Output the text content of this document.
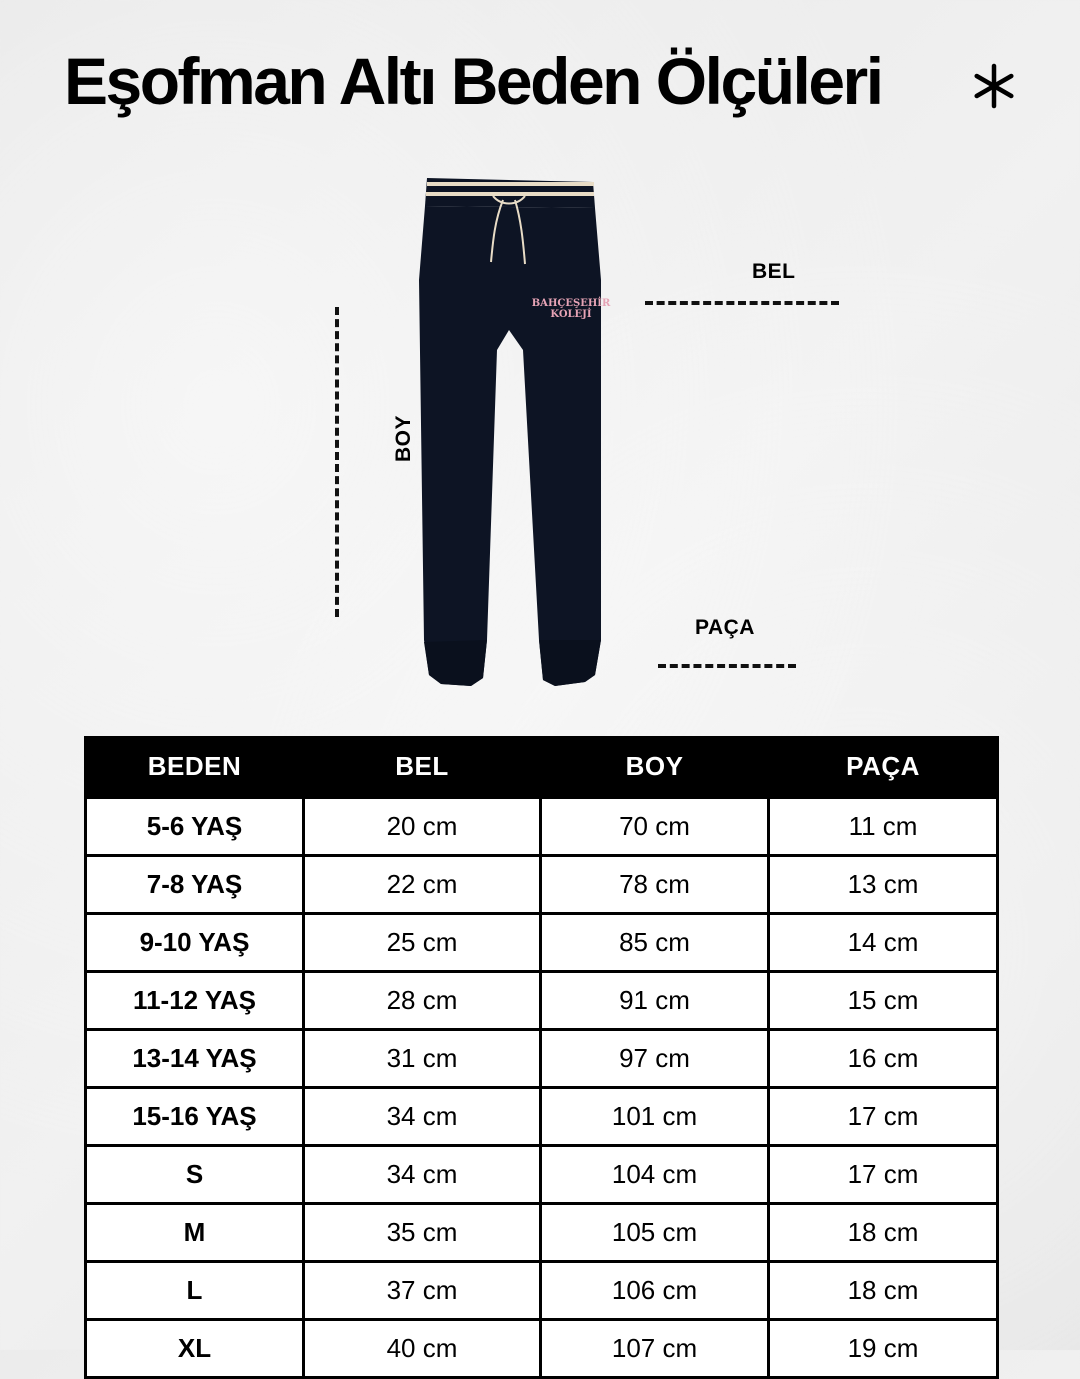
Eşofman Altı Beden Ölçüleri
BOY
BAHÇEŞEHİR
KOLEJİ
BEL
PAÇA
BEDEN	BEL	BOY	PAÇA
5-6 YAŞ	20 cm	70 cm	11 cm
7-8 YAŞ	22 cm	78 cm	13 cm
9-10 YAŞ	25 cm	85 cm	14 cm
11-12 YAŞ	28 cm	91 cm	15 cm
13-14 YAŞ	31 cm	97 cm	16 cm
15-16 YAŞ	34 cm	101 cm	17 cm
S	34 cm	104 cm	17 cm
M	35 cm	105 cm	18 cm
L	37 cm	106 cm	18 cm
XL	40 cm	107 cm	19 cm
